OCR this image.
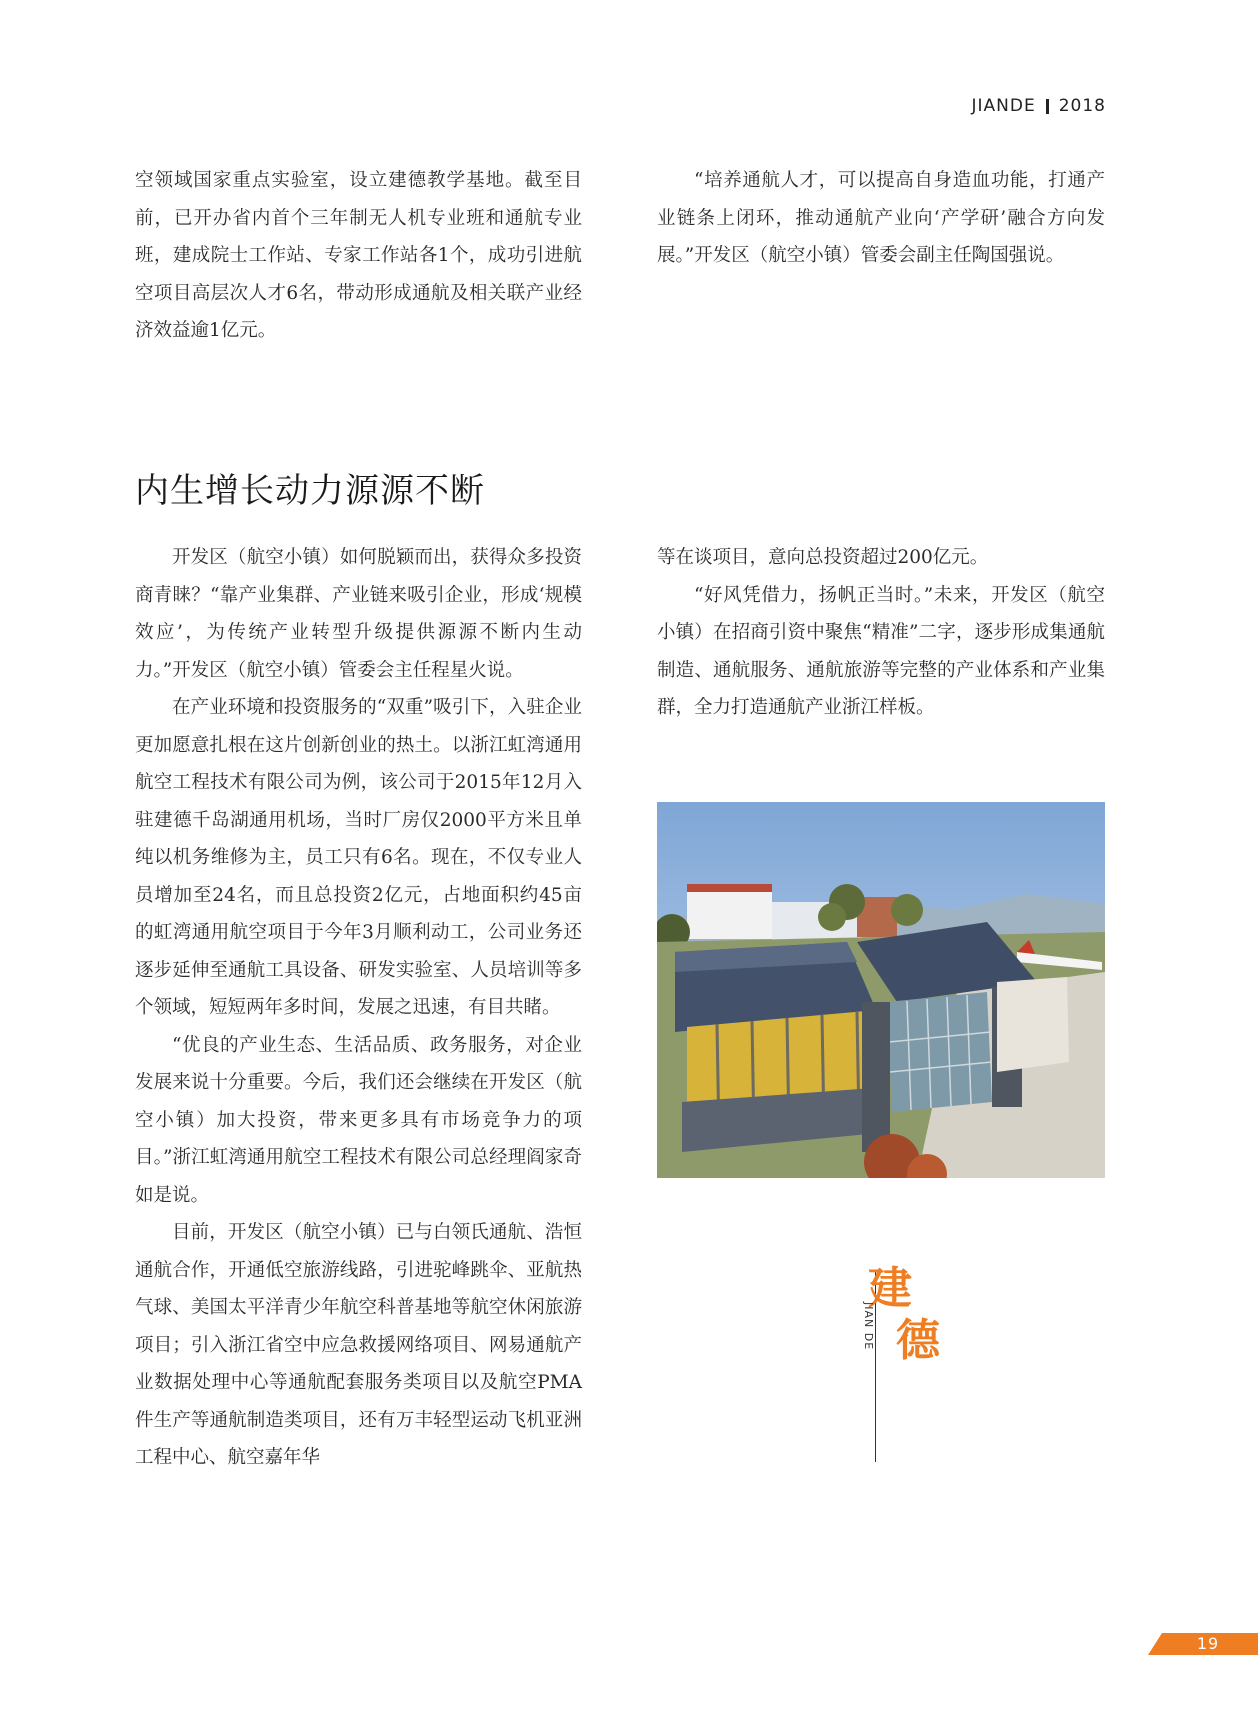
JIANDE 2018

空领域国家重点实验室，设立建德教学基地。截至目前，已开办省内首个三年制无人机专业班和通航专业班，建成院士工作站、专家工作站各1个，成功引进航空项目高层次人才6名，带动形成通航及相关联产业经济效益逾1亿元。

“培养通航人才，可以提高自身造血功能，打通产业链条上闭环，推动通航产业向‘产学研’融合方向发展。”开发区（航空小镇）管委会副主任陶国强说。

内生增长动力源源不断

开发区（航空小镇）如何脱颖而出，获得众多投资商青睐？“靠产业集群、产业链来吸引企业，形成‘规模效应’，为传统产业转型升级提供源源不断内生动力。”开发区（航空小镇）管委会主任程星火说。

在产业环境和投资服务的“双重”吸引下，入驻企业更加愿意扎根在这片创新创业的热土。以浙江虹湾通用航空工程技术有限公司为例，该公司于2015年12月入驻建德千岛湖通用机场，当时厂房仅2000平方米且单纯以机务维修为主，员工只有6名。现在，不仅专业人员增加至24名，而且总投资2亿元，占地面积约45亩的虹湾通用航空项目于今年3月顺利动工，公司业务还逐步延伸至通航工具设备、研发实验室、人员培训等多个领域，短短两年多时间，发展之迅速，有目共睹。

“优良的产业生态、生活品质、政务服务，对企业发展来说十分重要。今后，我们还会继续在开发区（航空小镇）加大投资，带来更多具有市场竞争力的项目。”浙江虹湾通用航空工程技术有限公司总经理阎家奇如是说。

目前，开发区（航空小镇）已与白领氏通航、浩恒通航合作，开通低空旅游线路，引进驼峰跳伞、亚航热气球、美国太平洋青少年航空科普基地等航空休闲旅游项目；引入浙江省空中应急救援网络项目、网易通航产业数据处理中心等通航配套服务类项目以及航空PMA件生产等通航制造类项目，还有万丰轻型运动飞机亚洲工程中心、航空嘉年华

等在谈项目，意向总投资超过200亿元。

“好风凭借力，扬帆正当时。”未来，开发区（航空小镇）在招商引资中聚焦“精准”二字，逐步形成集通航制造、通航服务、通航旅游等完整的产业体系和产业集群，全力打造通航产业浙江样板。

建
德
JIAN DE
19
